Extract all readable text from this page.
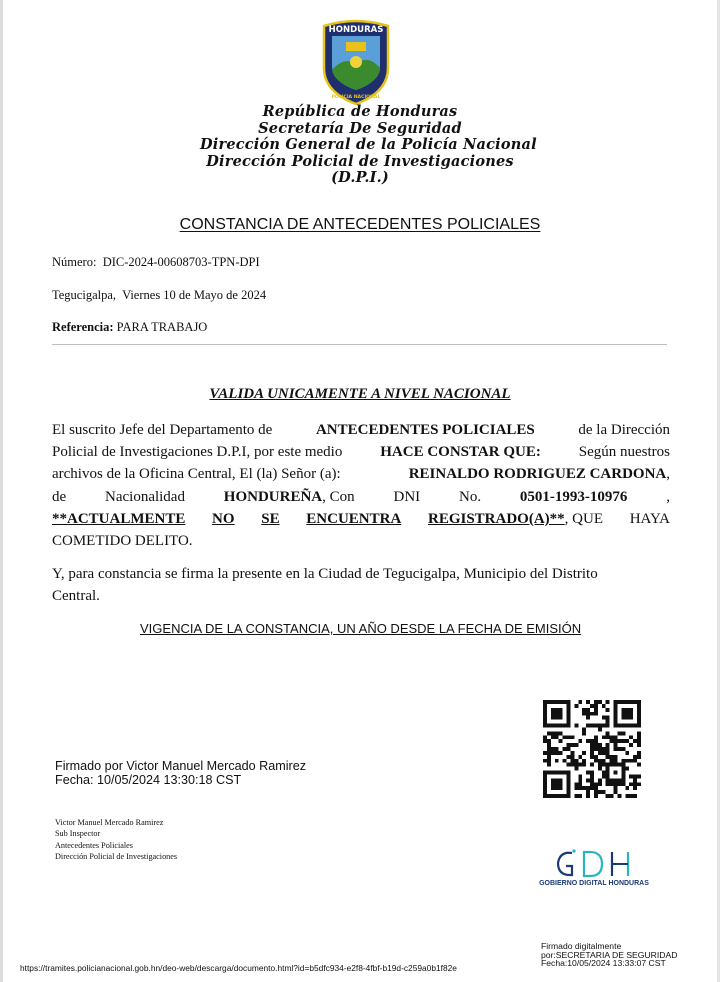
HONDURAS
POLICIA NACIONAL
República de Honduras
Secretaría De Seguridad
Dirección General de la Policía Nacional
Dirección Policial de Investigaciones
(D.P.I.)
CONSTANCIA DE ANTECEDENTES POLICIALES
Número: DIC-2024-00608703-TPN-DPI
Tegucigalpa, Viernes 10 de Mayo de 2024
Referencia: PARA TRABAJO
VALIDA UNICAMENTE A NIVEL NACIONAL
El suscrito Jefe del Departamento de	ANTECEDENTES POLICIALES	de la Dirección
Policial de Investigaciones D.P.I, por este medio	HACE CONSTAR QUE:	Según nuestros
archivos de la Oficina Central, El (la) Señor (a):	REINALDO RODRIGUEZ CARDONA,
de	Nacionalidad	HONDUREÑA, Con	DNI	No.	0501-1993-10976	,
**ACTUALMENTE NO SE ENCUENTRA REGISTRADO(A)**, QUE HAYA
COMETIDO DELITO.
Y, para constancia se firma la presente en la Ciudad de Tegucigalpa, Municipio del Distrito
Central.
VIGENCIA DE LA CONSTANCIA, UN AÑO DESDE LA FECHA DE EMISIÓN
Firmado por Victor Manuel Mercado Ramirez
Fecha: 10/05/2024 13:30:18 CST
Victor Manuel Mercado Ramirez
Sub Inspector
Antecedentes Policiales
Dirección Policial de Investigaciones
GDH
GOBIERNO DIGITAL HONDURAS
Firmado digitalmente
por:SECRETARIA DE SEGURIDAD
Fecha:10/05/2024 13:33:07 CST
https://tramites.policianacional.gob.hn/deo-web/descarga/documento.html?id=b5dfc934-e2f8-4fbf-b19d-c259a0b1f82e
